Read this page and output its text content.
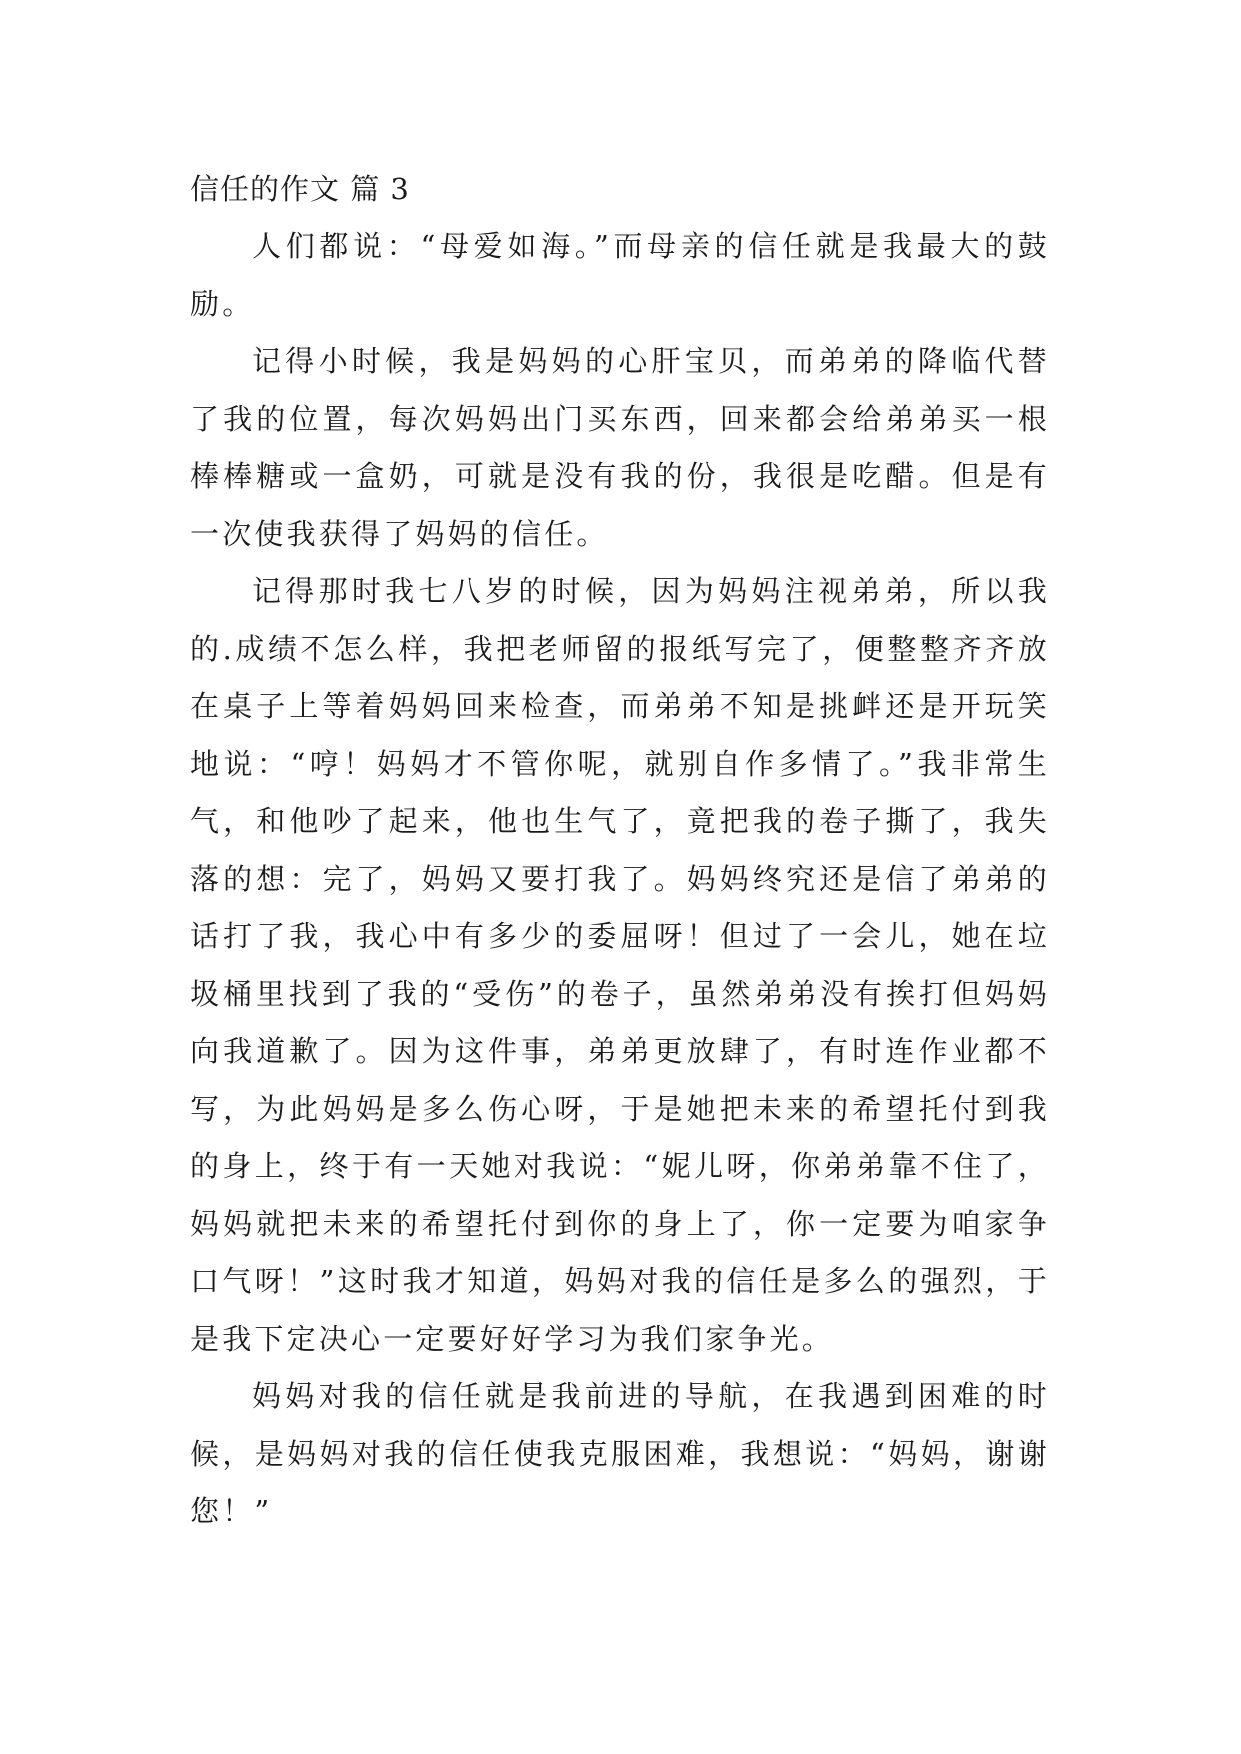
信任的作文 篇 3

人们都说：“母爱如海。”而母亲的信任就是我最大的鼓励。

记得小时候，我是妈妈的心肝宝贝，而弟弟的降临代替了我的位置，每次妈妈出门买东西，回来都会给弟弟买一根棒棒糖或一盒奶，可就是没有我的份，我很是吃醋。但是有一次使我获得了妈妈的信任。

记得那时我七八岁的时候，因为妈妈注视弟弟，所以我的.成绩不怎么样，我把老师留的报纸写完了，便整整齐齐放在桌子上等着妈妈回来检查，而弟弟不知是挑衅还是开玩笑地说：“哼！妈妈才不管你呢，就别自作多情了。”我非常生气，和他吵了起来，他也生气了，竟把我的卷子撕了，我失落的想：完了，妈妈又要打我了。妈妈终究还是信了弟弟的话打了我，我心中有多少的委屈呀！但过了一会儿，她在垃圾桶里找到了我的“受伤”的卷子，虽然弟弟没有挨打但妈妈向我道歉了。因为这件事，弟弟更放肆了，有时连作业都不写，为此妈妈是多么伤心呀，于是她把未来的希望托付到我的身上，终于有一天她对我说：“妮儿呀，你弟弟靠不住了，妈妈就把未来的希望托付到你的身上了，你一定要为咱家争口气呀！”这时我才知道，妈妈对我的信任是多么的强烈，于是我下定决心一定要好好学习为我们家争光。

妈妈对我的信任就是我前进的导航，在我遇到困难的时候，是妈妈对我的信任使我克服困难，我想说：“妈妈，谢谢您！”
